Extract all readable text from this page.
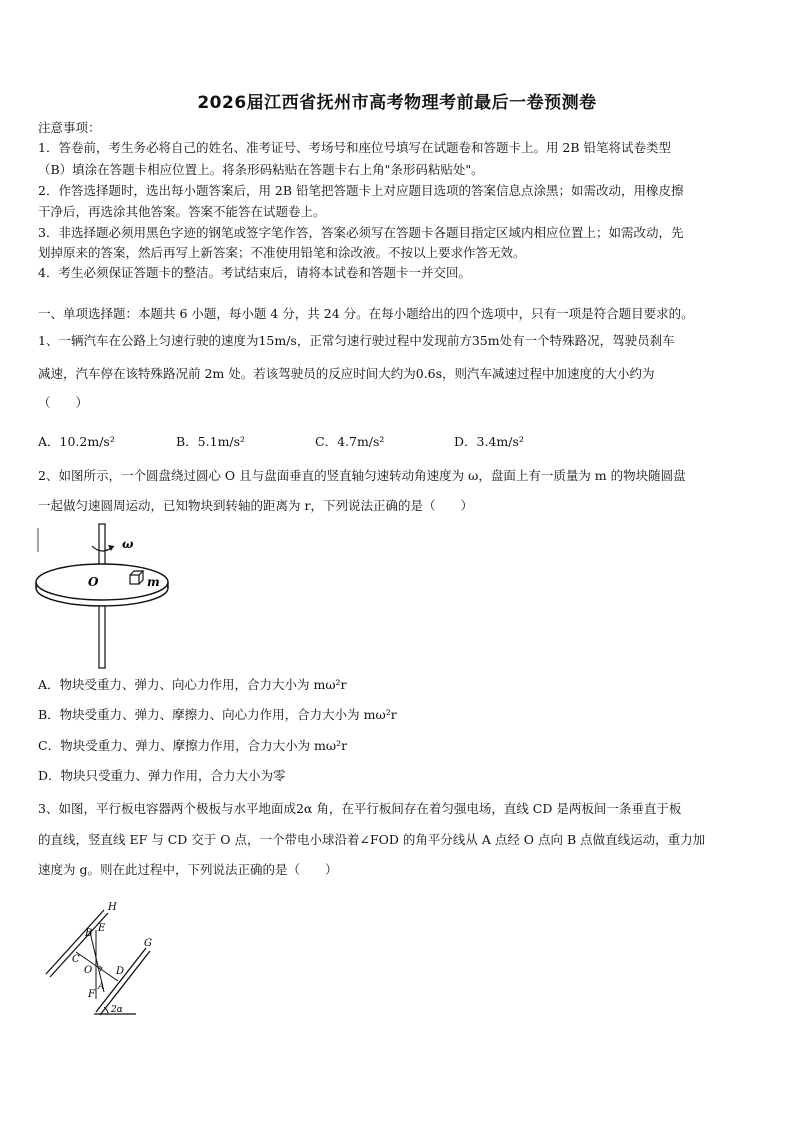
2026届江西省抚州市高考物理考前最后一卷预测卷
注意事项：
1．答卷前，考生务必将自己的姓名、准考证号、考场号和座位号填写在试题卷和答题卡上。用 2B 铅笔将试卷类型
（B）填涂在答题卡相应位置上。将条形码粘贴在答题卡右上角"条形码粘贴处"。
2．作答选择题时，选出每小题答案后，用 2B 铅笔把答题卡上对应题目选项的答案信息点涂黑；如需改动，用橡皮擦
干净后，再选涂其他答案。答案不能答在试题卷上。
3．非选择题必须用黑色字迹的钢笔或签字笔作答，答案必须写在答题卡各题目指定区域内相应位置上；如需改动，先
划掉原来的答案，然后再写上新答案；不准使用铅笔和涂改液。不按以上要求作答无效。
4．考生必须保证答题卡的整洁。考试结束后，请将本试卷和答题卡一并交回。
一、单项选择题：本题共 6 小题，每小题 4 分，共 24 分。在每小题给出的四个选项中，只有一项是符合题目要求的。
1、一辆汽车在公路上匀速行驶的速度为15m/s，正常匀速行驶过程中发现前方35m处有一个特殊路况，驾驶员刹车
减速，汽车停在该特殊路况前 2m 处。若该驾驶员的反应时间大约为0.6s，则汽车减速过程中加速度的大小约为
（　　）
A．10.2m/s²	B．5.1m/s²	C．4.7m/s²	D．3.4m/s²
2、如图所示，一个圆盘绕过圆心 O 且与盘面垂直的竖直轴匀速转动角速度为 ω，盘面上有一质量为 m 的物块随圆盘
一起做匀速圆周运动，已知物块到转轴的距离为 r，下列说法正确的是（　　）
ω
O	m
A．物块受重力、弹力、向心力作用，合力大小为 mω²r
B．物块受重力、弹力、摩擦力、向心力作用，合力大小为 mω²r
C．物块受重力、弹力、摩擦力作用，合力大小为 mω²r
D．物块只受重力、弹力作用，合力大小为零
3、如图，平行板电容器两个极板与水平地面成2α 角，在平行板间存在着匀强电场，直线 CD 是两板间一条垂直于板
的直线，竖直线 EF 与 CD 交于 O 点，一个带电小球沿着∠FOD 的角平分线从 A 点经 O 点向 B 点做直线运动，重力加
速度为 g。则在此过程中，下列说法正确的是（　　）
H
G
B E
C
O D
F
A
2α
